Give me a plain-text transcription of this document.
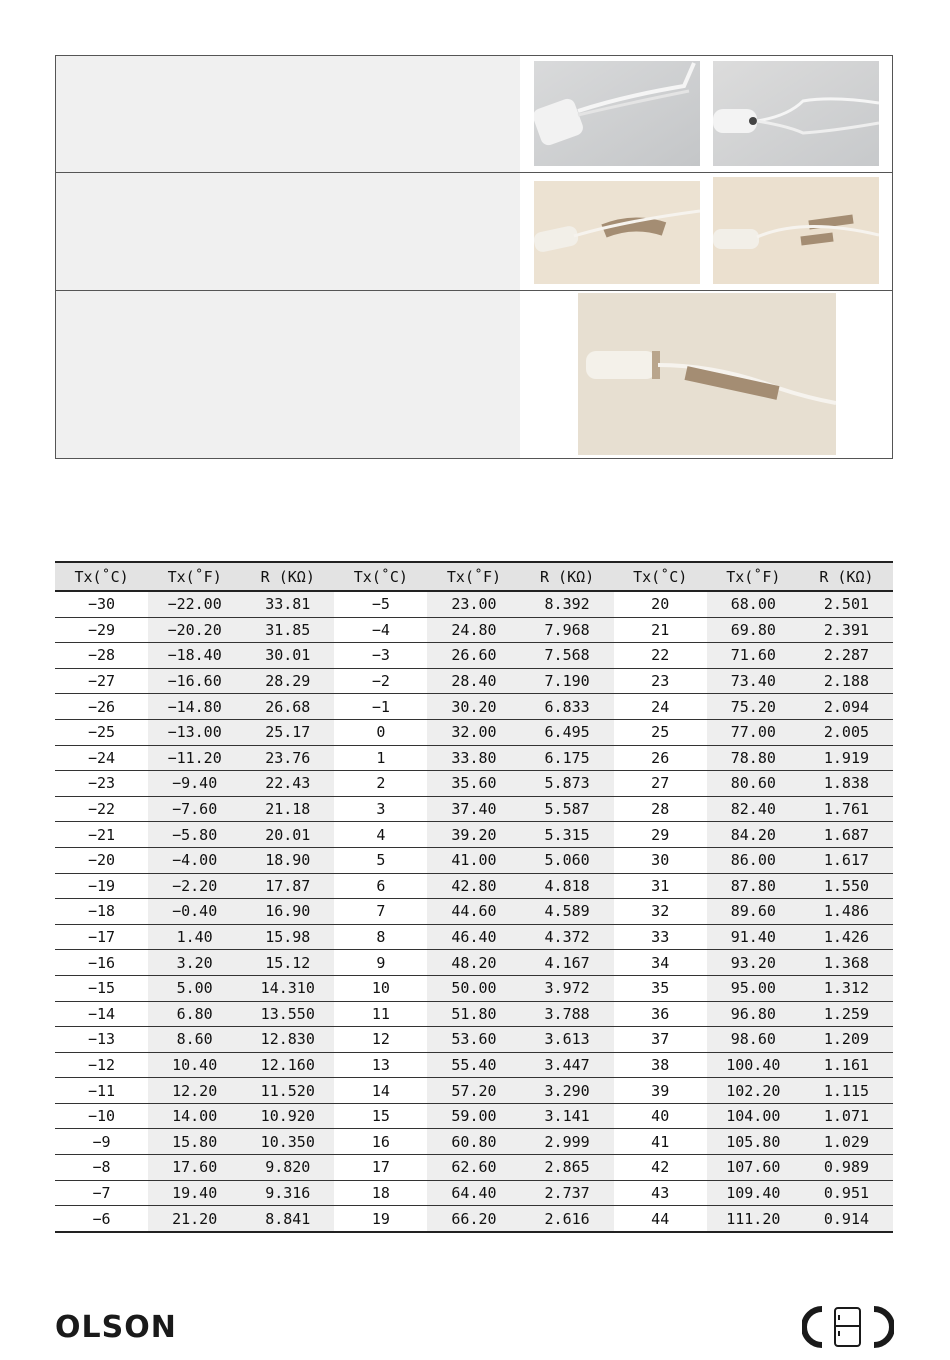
Tx(˚C)	Tx(˚F)	R (KΩ)	Tx(˚C)	Tx(˚F)	R (KΩ)	Tx(˚C)	Tx(˚F)	R (KΩ)
−30	−22.00	33.81	−5	23.00	8.392	20	68.00	2.501
−29	−20.20	31.85	−4	24.80	7.968	21	69.80	2.391
−28	−18.40	30.01	−3	26.60	7.568	22	71.60	2.287
−27	−16.60	28.29	−2	28.40	7.190	23	73.40	2.188
−26	−14.80	26.68	−1	30.20	6.833	24	75.20	2.094
−25	−13.00	25.17	0	32.00	6.495	25	77.00	2.005
−24	−11.20	23.76	1	33.80	6.175	26	78.80	1.919
−23	−9.40	22.43	2	35.60	5.873	27	80.60	1.838
−22	−7.60	21.18	3	37.40	5.587	28	82.40	1.761
−21	−5.80	20.01	4	39.20	5.315	29	84.20	1.687
−20	−4.00	18.90	5	41.00	5.060	30	86.00	1.617
−19	−2.20	17.87	6	42.80	4.818	31	87.80	1.550
−18	−0.40	16.90	7	44.60	4.589	32	89.60	1.486
−17	1.40	15.98	8	46.40	4.372	33	91.40	1.426
−16	3.20	15.12	9	48.20	4.167	34	93.20	1.368
−15	5.00	14.310	10	50.00	3.972	35	95.00	1.312
−14	6.80	13.550	11	51.80	3.788	36	96.80	1.259
−13	8.60	12.830	12	53.60	3.613	37	98.60	1.209
−12	10.40	12.160	13	55.40	3.447	38	100.40	1.161
−11	12.20	11.520	14	57.20	3.290	39	102.20	1.115
−10	14.00	10.920	15	59.00	3.141	40	104.00	1.071
−9	15.80	10.350	16	60.80	2.999	41	105.80	1.029
−8	17.60	9.820	17	62.60	2.865	42	107.60	0.989
−7	19.40	9.316	18	64.40	2.737	43	109.40	0.951
−6	21.20	8.841	19	66.20	2.616	44	111.20	0.914
OLSON
